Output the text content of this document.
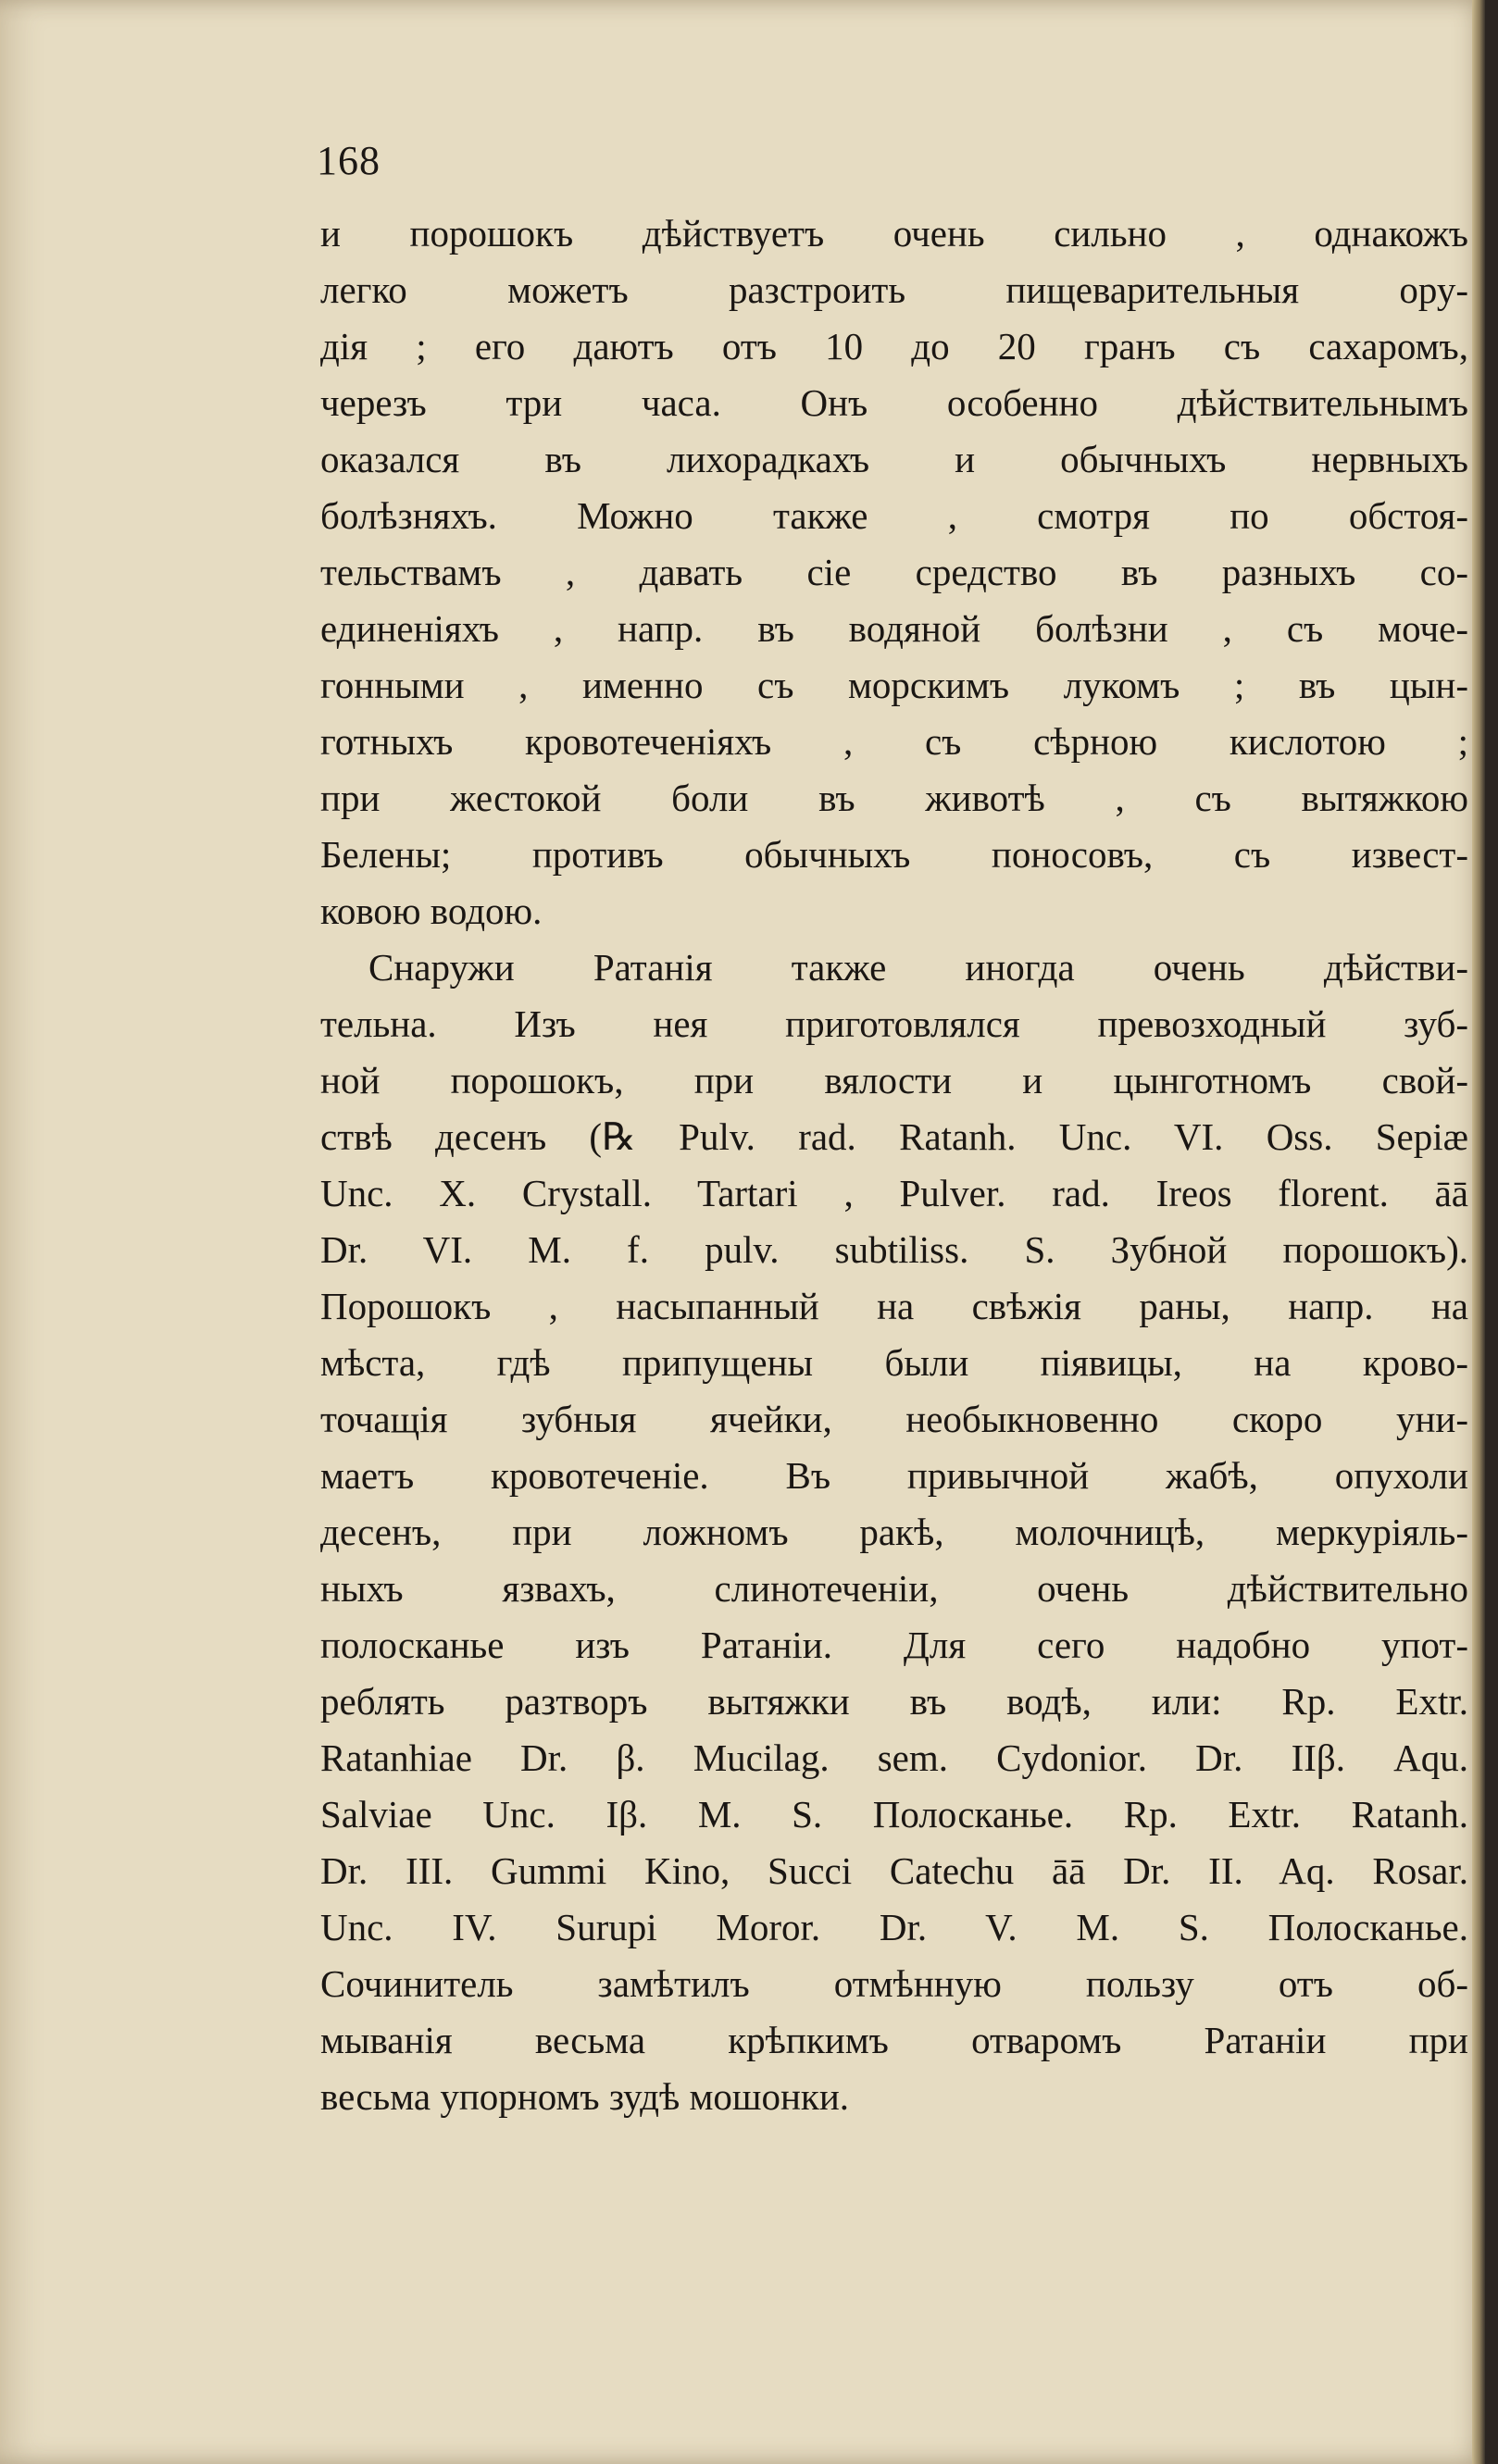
168
и порошокъ дѣйствуетъ очень сильно , однакожъ
легко можетъ разстроить пищеварительныя ору-
дія ; его даютъ отъ 10 до 20 гранъ съ сахаромъ,
черезъ три часа. Онъ особенно дѣйствительнымъ
оказался въ лихорадкахъ и обычныхъ нервныхъ
болѣзняхъ. Можно также , смотря по обстоя-
тельствамъ , давать сіе средство въ разныхъ со-
единеніяхъ , напр. въ водяной болѣзни , съ моче-
гонными , именно съ морскимъ лукомъ ; въ цын-
готныхъ кровотеченіяхъ , съ сѣрною кислотою ;
при жестокой боли въ животѣ , съ вытяжкою
Белены; противъ обычныхъ поносовъ, съ извест-
ковою водою.
Снаружи Ратанія также иногда очень дѣйстви-
тельна. Изъ нея приготовлялся превозходный зуб-
ной порошокъ, при вялости и цынготномъ свой-
ствѣ десенъ (℞ Pulv. rad. Ratanh. Unc. VI. Oss. Sepiæ
Unc. X. Crystall. Tartari , Pulver. rad. Ireos florent. āā
Dr. VI. M. f. pulv. subtiliss. S. Зубной порошокъ).
Порошокъ , насыпанный на свѣжія раны, напр. на
мѣста, гдѣ припущены были піявицы, на крово-
точащія зубныя ячейки, необыкновенно скоро уни-
маетъ кровотеченіе. Въ привычной жабѣ, опухоли
десенъ, при ложномъ ракѣ, молочницѣ, меркуріяль-
ныхъ язвахъ, слинотеченіи, очень дѣйствительно
полосканье изъ Ратаніи. Для сего надобно упот-
реблять разтворъ вытяжки въ водѣ, или: Rp. Extr.
Ratanhiae Dr. β. Mucilag. sem. Cydonior. Dr. IIβ. Aqu.
Salviae Unc. Iβ. M. S. Полосканье. Rp. Extr. Ratanh.
Dr. III. Gummi Kino, Succi Catechu āā Dr. II. Aq. Rosar.
Unc. IV. Surupi Moror. Dr. V. M. S. Полосканье.
Сочинитель замѣтилъ отмѣнную пользу отъ об-
мыванія весьма крѣпкимъ отваромъ Ратаніи при
весьма упорномъ зудѣ мошонки.
